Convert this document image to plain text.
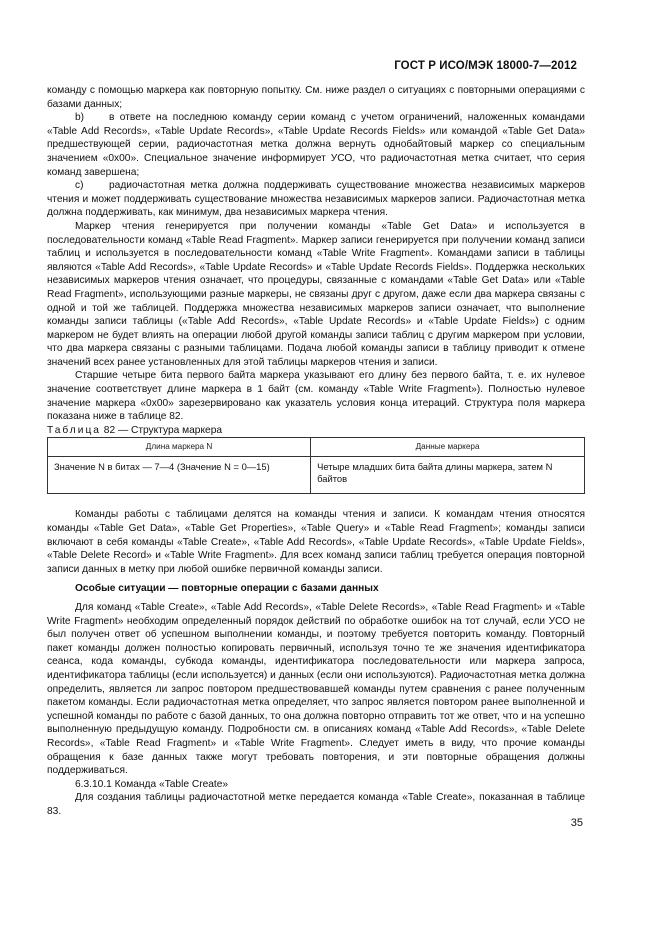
ГОСТ Р ИСО/МЭК 18000-7—2012

команду с помощью маркера как повторную попытку. См. ниже раздел о ситуациях с повторными операциями с базами данных;

b) в ответе на последнюю команду серии команд с учетом ограничений, наложенных командами «Table Add Records», «Table Update Records», «Table Update Records Fields» или командой «Table Get Data» предшествующей серии, радиочастотная метка должна вернуть однобайтовый маркер со специальным значением «0x00». Специальное значение информирует УСО, что радиочастотная метка считает, что серия команд завершена;

c)	радиочастотная метка должна поддерживать существование множества независимых маркеров чтения и может поддерживать существование множества независимых маркеров записи. Радиочастотная метка должна поддерживать, как минимум, два независимых маркера чтения.

Маркер чтения генерируется при получении команды «Table Get Data» и используется в последовательности команд «Table Read Fragment». Маркер записи генерируется при получении команд записи таблиц и используется в последовательности команд «Table Write Fragment». Командами записи в таблицы являются «Table Add Records», «Table Update Records» и «Table Update Records Fields». Поддержка нескольких независимых маркеров чтения означает, что процедуры, связанные с командами «Table Get Data» или «Table Read Fragment», использующими разные маркеры, не связаны друг с другом, даже если два маркера связаны с одной и той же таблицей. Поддержка множества независимых маркеров записи означает, что выполнение команды записи таблицы («Table Add Records», «Table Update Records» и «Table Update Fields») с одним маркером не будет влиять на операции любой другой команды записи таблиц с другим маркером при условии, что два маркера связаны с разными таблицами. Подача любой команды записи в таблицу приводит к отмене значений всех ранее установленных для этой таблицы маркеров чтения и записи.

Старшие четыре бита первого байта маркера указывают его длину без первого байта, т. е. их нулевое значение соответствует длине маркера в 1 байт (см. команду «Table Write Fragment»). Полностью нулевое значение маркера «0x00» зарезервировано как указатель условия конца итераций. Структура поля маркера показана ниже в таблице 82.

Таблица 82 — Структура маркера

Длина маркера N	Данные маркера
Значение N в битах — 7—4 (Значение N = 0—15)	Четыре младших бита байта длины маркера, затем N байтов

Команды работы с таблицами делятся на команды чтения и записи. К командам чтения относятся команды «Table Get Data», «Table Get Properties», «Table Query» и «Table Read Fragment»; команды записи включают в себя команды «Table Create», «Table Add Records», «Table Update Records», «Table Update Fields», «Table Delete Record» и «Table Write Fragment». Для всех команд записи таблиц требуется операция повторной записи данных в метку при любой ошибке первичной команды записи.

Особые ситуации — повторные операции с базами данных

Для команд «Table Create», «Table Add Records», «Table Delete Records», «Table Read Fragment» и «Table Write Fragment» необходим определенный порядок действий по обработке ошибок на тот случай, если УСО не был получен ответ об успешном выполнении команды, и поэтому требуется повторить команду. Повторный пакет команды должен полностью копировать первичный, используя точно те же значения идентификатора сеанса, кода команды, субкода команды, идентификатора последовательности или маркера запроса, идентификатора таблицы (если используется) и данных (если они используются). Радиочастотная метка должна определить, является ли запрос повтором предшествовавшей команды путем сравнения с ранее полученным пакетом команды. Если радиочастотная метка определяет, что запрос является повтором ранее выполненной и успешной команды по работе с базой данных, то она должна повторно отправить тот же ответ, что и на успешно выполненную предыдущую команду. Подробности см. в описаниях команд «Table Add Records», «Table Delete Records», «Table Read Fragment» и «Table Write Fragment». Следует иметь в виду, что прочие команды обращения к базе данных также могут требовать повторения, и эти повторные обращения должны поддерживаться.

6.3.10.1 Команда «Table Create»

Для создания таблицы радиочастотной метке передается команда «Table Create», показанная в таблице 83.

35
